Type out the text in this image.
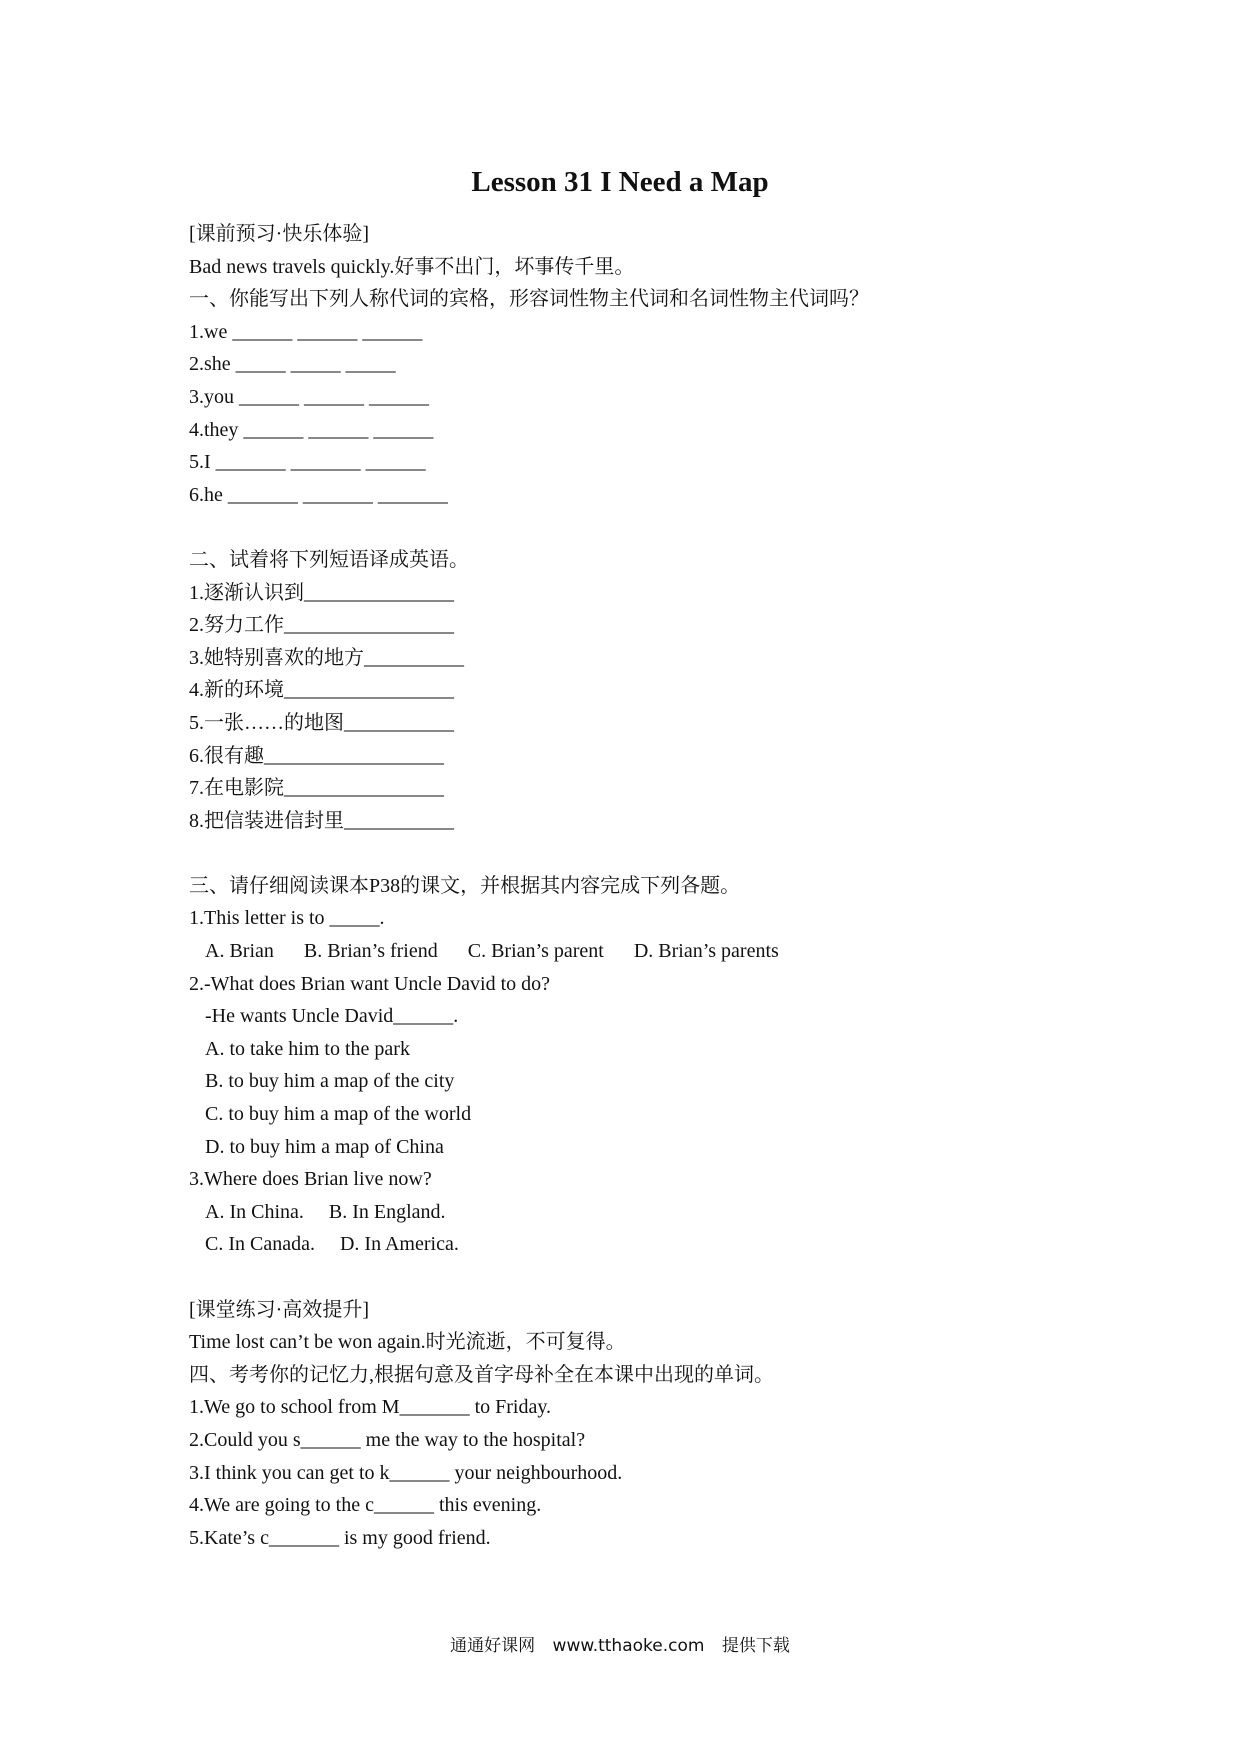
Lesson 31 I Need a Map
[课前预习·快乐体验]
Bad news travels quickly.好事不出门，坏事传千里。
一、你能写出下列人称代词的宾格，形容词性物主代词和名词性物主代词吗？
1.we ______ ______ ______
2.she _____ _____ _____
3.you ______ ______ ______
4.they ______ ______ ______
5.I _______ _______ ______
6.he _______ _______ _______
二、试着将下列短语译成英语。
1.逐渐认识到_______________
2.努力工作_________________
3.她特别喜欢的地方__________
4.新的环境_________________
5.一张……的地图___________
6.很有趣__________________
7.在电影院________________
8.把信装进信封里___________
三、请仔细阅读课本P38的课文，并根据其内容完成下列各题。
1.This letter is to _____.
A. Brian      B. Brian’s friend      C. Brian’s parent      D. Brian’s parents
2.-What does Brian want Uncle David to do?
-He wants Uncle David______.
A. to take him to the park
B. to buy him a map of the city
C. to buy him a map of the world
D. to buy him a map of China
3.Where does Brian live now?
A. In China.     B. In England.
C. In Canada.     D. In America.
[课堂练习·高效提升]
Time lost can’t be won again.时光流逝，不可复得。
四、考考你的记忆力,根据句意及首字母补全在本课中出现的单词。
1.We go to school from M_______ to Friday.
2.Could you s______ me the way to the hospital?
3.I think you can get to k______ your neighbourhood.
4.We are going to the c______ this evening.
5.Kate’s c_______ is my good friend.
通通好课网 www.tthaoke.com 提供下载
